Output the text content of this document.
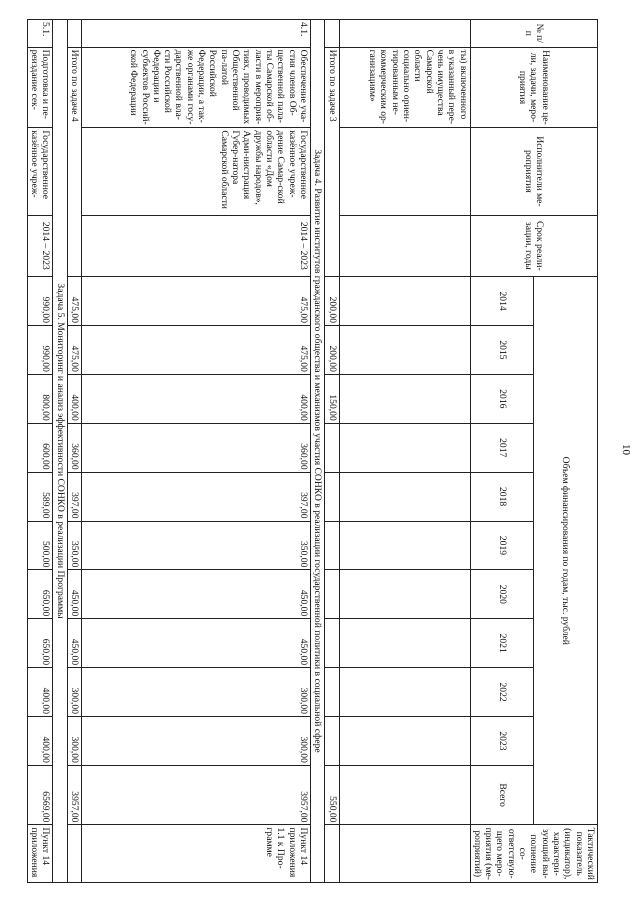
10
№ п/п	Наименование це-ли, задачи, меро-приятия	Исполнители ме-роприятия	Срок реали-зации, годы	Объем финансирования по годам, тыс. рублей											Тактический показатель (индикатор), характери-зующий вы-полнение со-ответствую-щего меро-приятия (ме-роприятий)
				2014	2015	2016	2017	2018	2019	2020	2021	2022	2023	Всего	
	ты) включенного в указанный пере-чень имущества Самарской области социально ориен-тированным не-коммерческим ор-ганизациям»														
	Итого по задаче 3			200,00	200,00	150,00								550,00	
Задача 4. Развитие институтов гражданского общества и механизмов участия СОНКО в реализации государственной политики в социальной сфере															
4.1.	Обеспечение уча-стия членов Об-щественной пала-ты Самарской об-ласти в мероприя-тиях, проводимых Общественной па-латой Российской Федерации, а так-же органами госу-дарственной вла-сти Российской Федерации и субъектов Россий-ской Федерации	Государственное казённое учреж-дение Самар-ской области «Дом дружбы народов», Адми-нистрация Губер-натора Самарской области	2014 – 2023	475,00	475,00	400,00	360,00	397,00	350,00	450,00	450,00	300,00	300,00	3957,00	Пункт 14 приложения 1.1 к Про-грамме
	Итого по задаче 4			475,00	475,00	400,00	360,00	397,00	350,00	450,00	450,00	300,00	300,00	3957,00	
Задача 5. Мониторинг и анализ эффективности СОНКО в реализации Программы															
5.1.	Подготовка и пе-реиздание сек-	Государственное казённое учреж-	2014 – 2023	990,00	990,00	800,00	600,00	589,00	500,00	650,00	650,00	400,00	400,00	6569,00	Пункт 14 приложения
